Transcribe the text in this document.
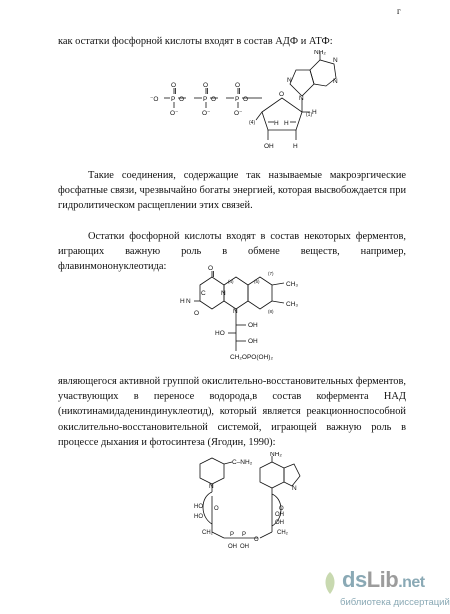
г

как остатки фосфорной кислоты входят в состав АДФ и АТФ:

⁻O P O	P O	P O
O	O	O
O⁻	O⁻	O⁻
O
(4)
(1)
OH	H
H H
H
N
N
N
N
NH₂

Такие соединения, содержащие так называемые макроэргические фосфатные связи, чрезвычайно богаты энергией, которая высвобождается при гидролитическом расщеплении этих связей.

Остатки фосфорной кислоты входят в состав некоторых ферментов, играющих важную роль в обмене веществ, например, флавинмононуклеотида:	O
H N
C
O
N
N
CH₃
CH₃
(4)	(5)
(7)
(8)
OH
HO
OH
CH₂OPO(OH)₂

являющегося активной группой окислительно-восстановительных ферментов, участвующих в переносе водорода,в состав кофермента НАД (никотинамидадениндинуклеотид), который является реакционноспособной окислительно-восстановительной системой, играющей важную роль в процессе дыхания и фотосинтеза (Ягодин, 1990):

C–NH₂
NH₂
N	N
HO
HO
O	O
OH
OH
CH₂	CH₂
P P
OH OH
O
dsLib.net
библиотека диссертаций
